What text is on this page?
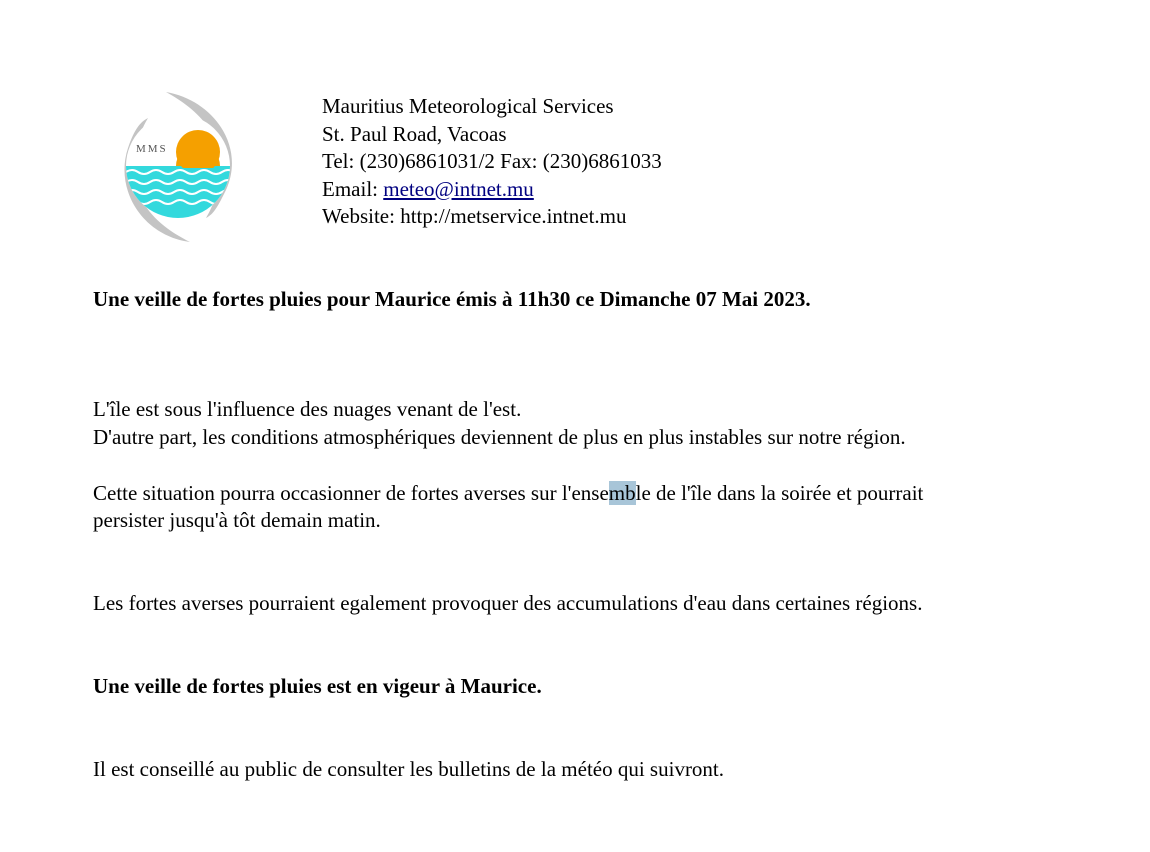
MMS
Mauritius Meteorological Services
St. Paul Road, Vacoas
Tel: (230)6861031/2 Fax: (230)6861033
Email: meteo@intnet.mu
Website: http://metservice.intnet.mu
Une veille de fortes pluies pour Maurice émis à 11h30 ce Dimanche 07 Mai 2023.
L'île est sous l'influence des nuages venant de l'est.
D'autre part, les conditions atmosphériques deviennent de plus en plus instables sur notre région.
Cette situation pourra occasionner de fortes averses sur l'ensemble de l'île dans la soirée et pourrait
persister jusqu'à tôt demain matin.
Les fortes averses pourraient egalement provoquer des accumulations d'eau dans certaines régions.
Une veille de fortes pluies est en vigeur à Maurice.
Il est conseillé au public de consulter les bulletins de la météo qui suivront.
